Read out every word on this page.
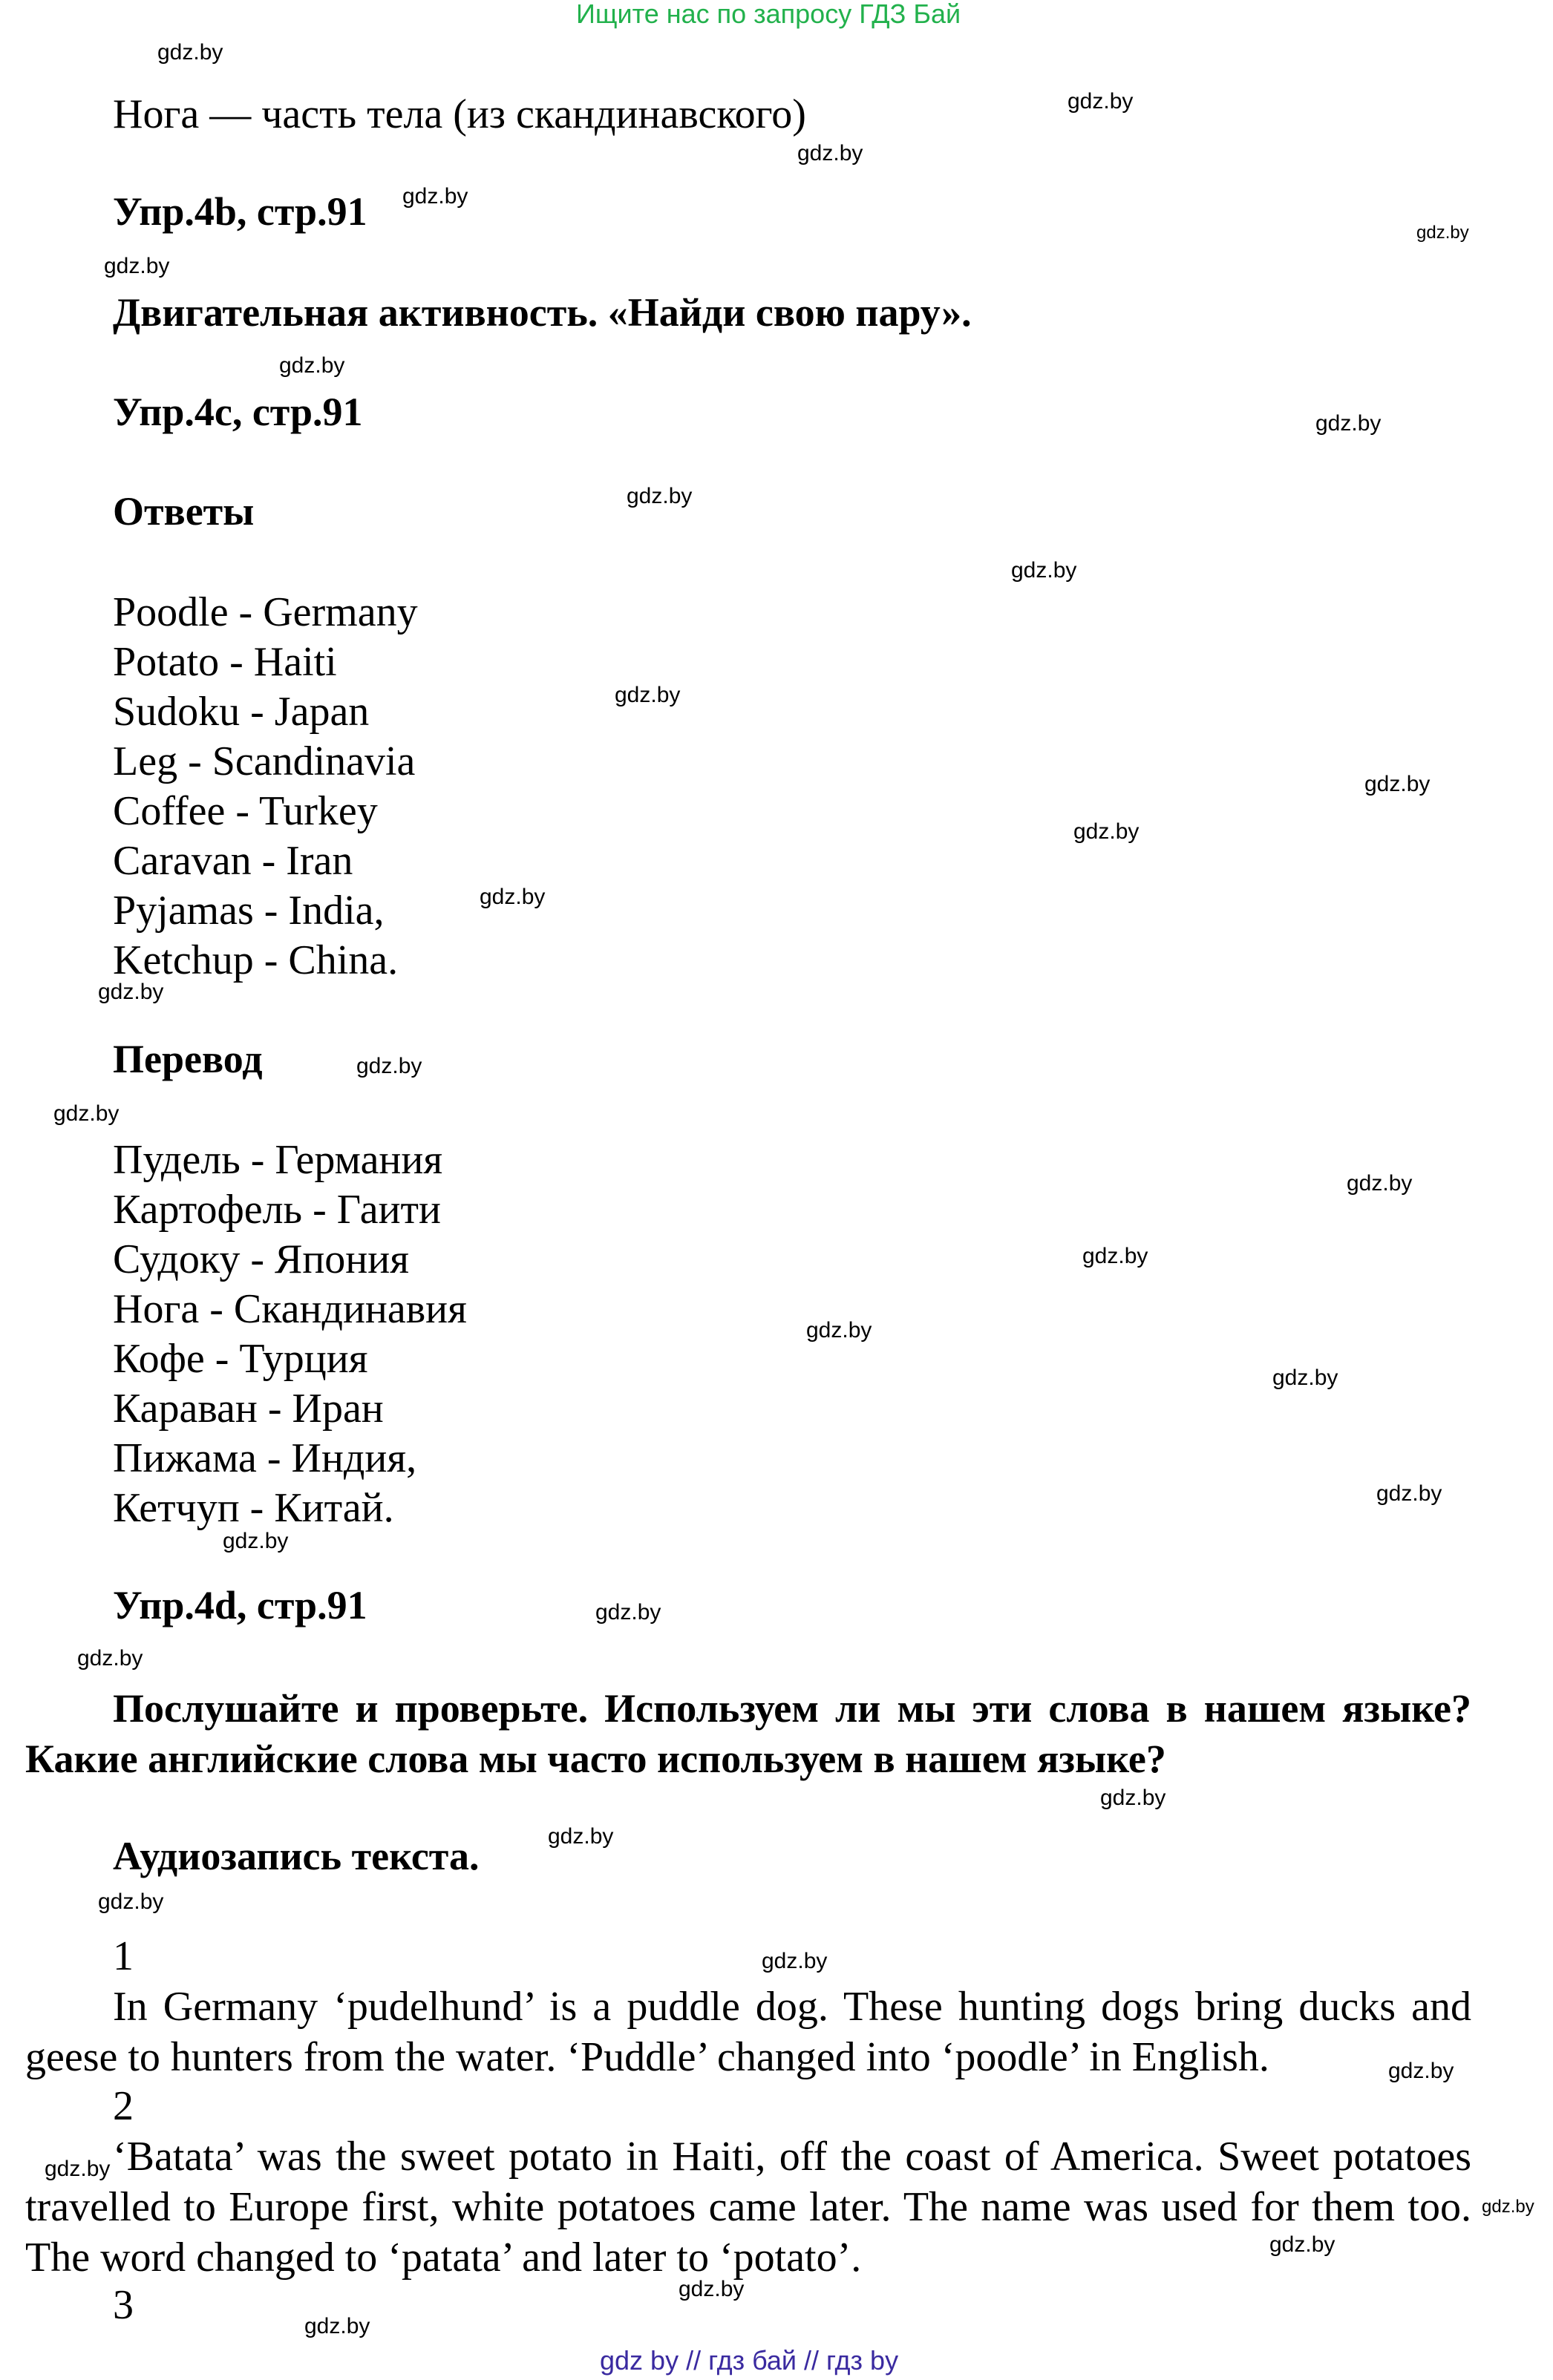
Ищите нас по запросу ГДЗ Бай
Нога — часть тела (из скандинавского)
Упр.4b, стр.91
Двигательная активность. «Найди свою пару».
Упр.4c, стр.91
Ответы
Poodle - Germany
Potato - Haiti
Sudoku - Japan
Leg - Scandinavia
Coffee - Turkey
Caravan - Iran
Pyjamas - India,
Ketchup - China.
Перевод
Пудель - Германия
Картофель - Гаити
Судоку - Япония
Нога - Скандинавия
Кофе - Турция
Караван - Иран
Пижама - Индия,
Кетчуп - Китай.
Упр.4d, стр.91
Послушайте и проверьте. Используем ли мы эти слова в нашем языке? Какие английские слова мы часто используем в нашем языке?
Аудиозапись текста.
1
In Germany ‘pudelhund’ is a puddle dog. These hunting dogs bring ducks and geese to hunters from the water. ‘Puddle’ changed into ‘poodle’ in English.
2
‘Batata’ was the sweet potato in Haiti, off the coast of America. Sweet potatoes travelled to Europe first, white potatoes came later. The name was used for them too. The word changed to ‘patata’ and later to ‘potato’.
3
gdz by // гдз бай // гдз by
gdz.by
gdz.by
gdz.by
gdz.by
gdz.by
gdz.by
gdz.by
gdz.by
gdz.by
gdz.by
gdz.by
gdz.by
gdz.by
gdz.by
gdz.by
gdz.by
gdz.by
gdz.by
gdz.by
gdz.by
gdz.by
gdz.by
gdz.by
gdz.by
gdz.by
gdz.by
gdz.by
gdz.by
gdz.by
gdz.by
gdz.by
gdz.by
gdz.by
gdz.by
gdz.by
